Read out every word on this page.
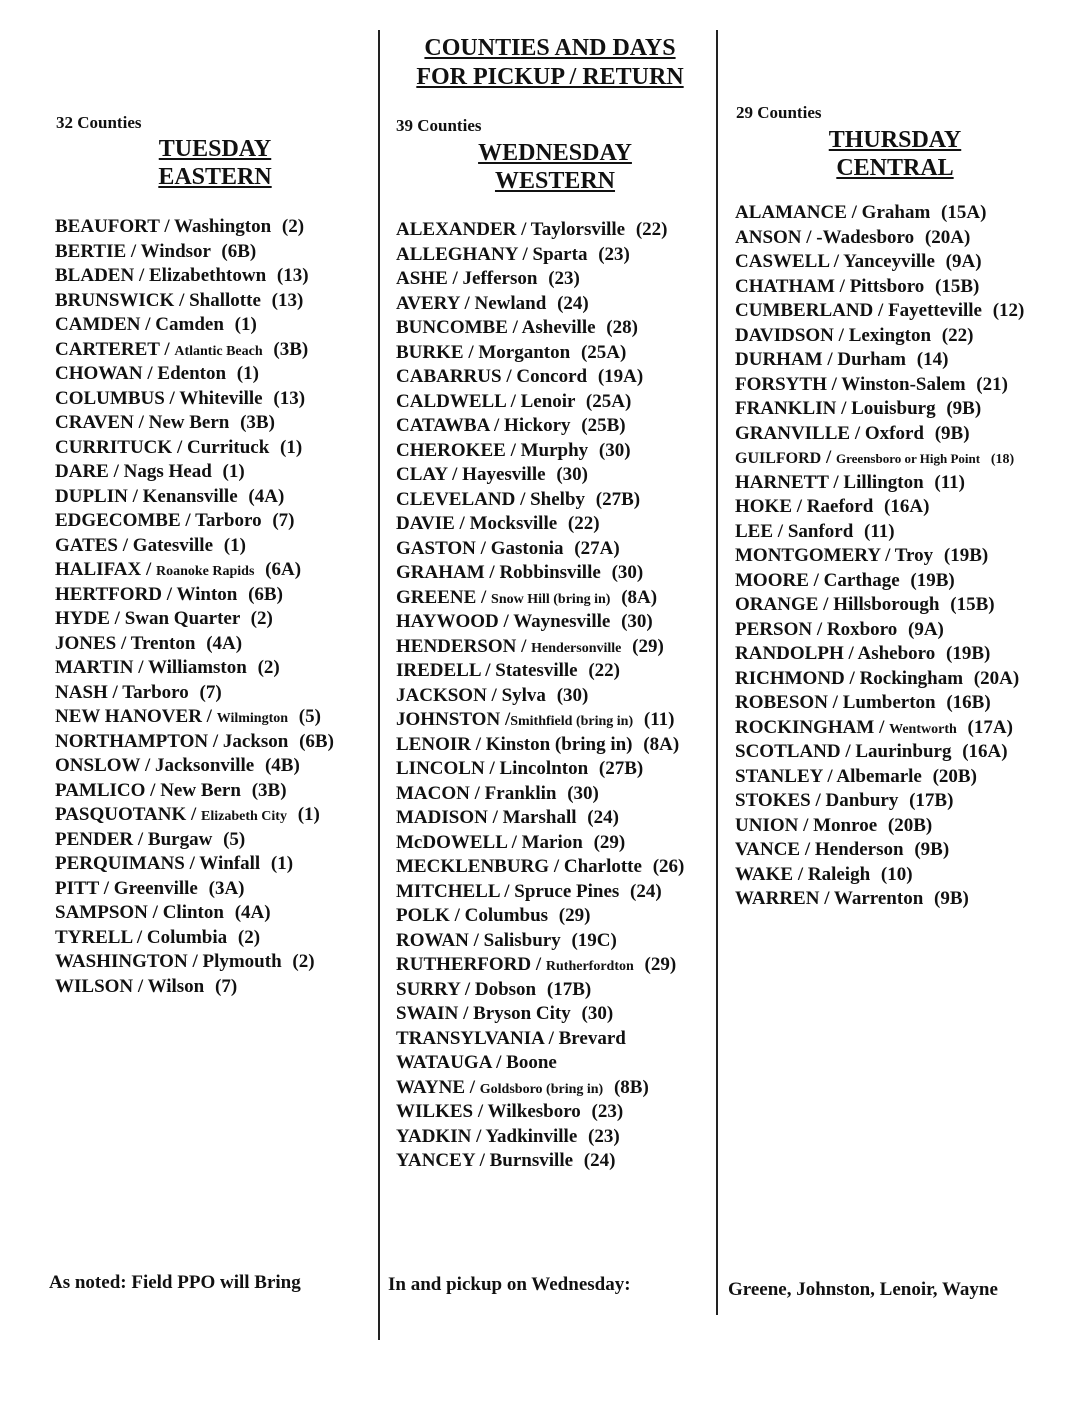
COUNTIES AND DAYS
FOR PICKUP / RETURN
32 Counties
TUESDAY
EASTERN
39 Counties
WEDNESDAY
WESTERN
29 Counties
THURSDAY
CENTRAL
BEAUFORT / Washington (2)
BERTIE / Windsor (6B)
BLADEN / Elizabethtown (13)
BRUNSWICK / Shallotte (13)
CAMDEN / Camden (1)
CARTERET / Atlantic Beach (3B)
CHOWAN / Edenton (1)
COLUMBUS / Whiteville (13)
CRAVEN / New Bern (3B)
CURRITUCK / Currituck (1)
DARE / Nags Head (1)
DUPLIN / Kenansville (4A)
EDGECOMBE / Tarboro (7)
GATES / Gatesville (1)
HALIFAX / Roanoke Rapids (6A)
HERTFORD / Winton (6B)
HYDE / Swan Quarter (2)
JONES / Trenton (4A)
MARTIN / Williamston (2)
NASH / Tarboro (7)
NEW HANOVER / Wilmington (5)
NORTHAMPTON / Jackson (6B)
ONSLOW / Jacksonville (4B)
PAMLICO / New Bern (3B)
PASQUOTANK / Elizabeth City (1)
PENDER / Burgaw (5)
PERQUIMANS / Winfall (1)
PITT / Greenville (3A)
SAMPSON / Clinton (4A)
TYRELL / Columbia (2)
WASHINGTON / Plymouth (2)
WILSON / Wilson (7)
ALEXANDER / Taylorsville (22)
ALLEGHANY / Sparta (23)
ASHE / Jefferson (23)
AVERY / Newland (24)
BUNCOMBE / Asheville (28)
BURKE / Morganton (25A)
CABARRUS / Concord (19A)
CALDWELL / Lenoir (25A)
CATAWBA / Hickory (25B)
CHEROKEE / Murphy (30)
CLAY / Hayesville (30)
CLEVELAND / Shelby (27B)
DAVIE / Mocksville (22)
GASTON / Gastonia (27A)
GRAHAM / Robbinsville (30)
GREENE / Snow Hill (bring in) (8A)
HAYWOOD / Waynesville (30)
HENDERSON / Hendersonville (29)
IREDELL / Statesville (22)
JACKSON / Sylva (30)
JOHNSTON /Smithfield (bring in) (11)
LENOIR / Kinston (bring in) (8A)
LINCOLN / Lincolnton (27B)
MACON / Franklin (30)
MADISON / Marshall (24)
McDOWELL / Marion (29)
MECKLENBURG / Charlotte (26)
MITCHELL / Spruce Pines (24)
POLK / Columbus (29)
ROWAN / Salisbury (19C)
RUTHERFORD / Rutherfordton (29)
SURRY / Dobson (17B)
SWAIN / Bryson City (30)
TRANSYLVANIA / Brevard
WATAUGA / Boone
WAYNE / Goldsboro (bring in) (8B)
WILKES / Wilkesboro (23)
YADKIN / Yadkinville (23)
YANCEY / Burnsville (24)
ALAMANCE / Graham (15A)
ANSON / -Wadesboro (20A)
CASWELL / Yanceyville (9A)
CHATHAM / Pittsboro (15B)
CUMBERLAND / Fayetteville (12)
DAVIDSON / Lexington (22)
DURHAM / Durham (14)
FORSYTH / Winston-Salem (21)
FRANKLIN / Louisburg (9B)
GRANVILLE / Oxford (9B)
GUILFORD / Greensboro or High Point (18)
HARNETT / Lillington (11)
HOKE / Raeford (16A)
LEE / Sanford (11)
MONTGOMERY / Troy (19B)
MOORE / Carthage (19B)
ORANGE / Hillsborough (15B)
PERSON / Roxboro (9A)
RANDOLPH / Asheboro (19B)
RICHMOND / Rockingham (20A)
ROBESON / Lumberton (16B)
ROCKINGHAM / Wentworth (17A)
SCOTLAND / Laurinburg (16A)
STANLEY / Albemarle (20B)
STOKES / Danbury (17B)
UNION / Monroe (20B)
VANCE / Henderson (9B)
WAKE / Raleigh (10)
WARREN / Warrenton (9B)
As noted: Field PPO will Bring	In and pickup on Wednesday:	Greene, Johnston, Lenoir, Wayne
